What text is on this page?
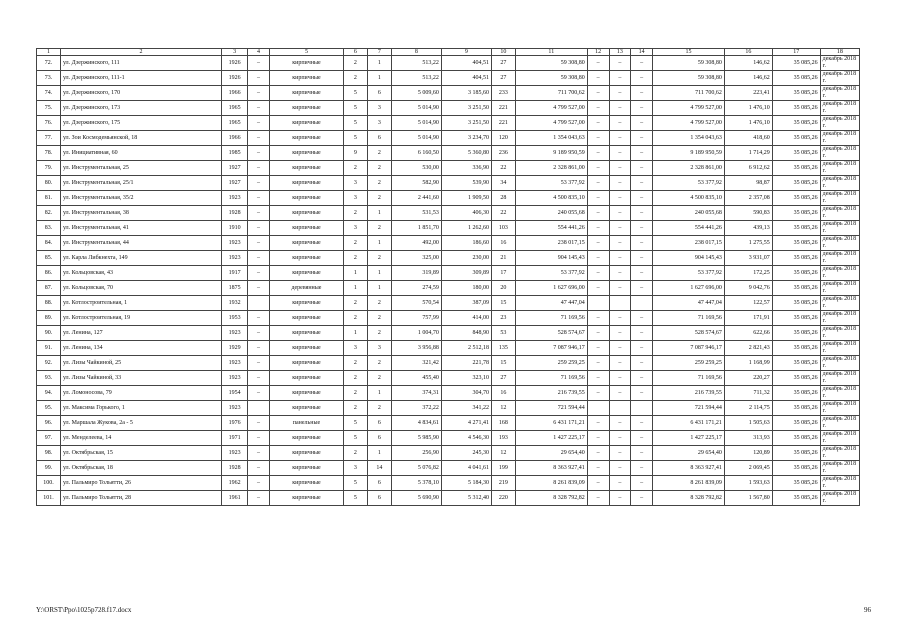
1	2	3	4	5	6	7	8	9	10	11	12	13	14	15	16	17	18
72.	ул. Дзержинского, 111	1926	–	кирпичные	2	1	513,22	404,51	27	59 308,80	–	–	–	59 308,80	146,62	35 085,26	декабрь 2018 г.
73.	ул. Дзержинского, 111-1	1926	–	кирпичные	2	1	513,22	404,51	27	59 308,80	–	–	–	59 308,80	146,62	35 085,26	декабрь 2018 г.
74.	ул. Дзержинского, 170	1966	–	кирпичные	5	6	5 009,60	3 185,60	233	711 700,62	–	–	–	711 700,62	223,41	35 085,26	декабрь 2018 г.
75.	ул. Дзержинского, 173	1965	–	кирпичные	5	3	5 014,90	3 251,50	221	4 799 527,00	–	–	–	4 799 527,00	1 476,10	35 085,26	декабрь 2018 г.
76.	ул. Дзержинского, 175	1965	–	кирпичные	5	3	5 014,90	3 251,50	221	4 799 527,00	–	–	–	4 799 527,00	1 476,10	35 085,26	декабрь 2018 г.
77.	ул. Зои Космодемьянской, 18	1966	–	кирпичные	5	6	5 014,90	3 234,70	120	1 354 043,63	–	–	–	1 354 043,63	418,60	35 085,26	декабрь 2018 г.
78.	ул. Инициативная, 60	1985	–	кирпичные	9	2	6 160,50	5 360,80	236	9 189 950,59	–	–	–	9 189 950,59	1 714,29	35 085,26	декабрь 2018 г.
79.	ул. Инструментальная, 25	1927	–	кирпичные	2	2	530,00	336,90	22	2 328 861,00	–	–	–	2 328 861,00	6 912,62	35 085,26	декабрь 2018 г.
80.	ул. Инструментальная, 25/1	1927	–	кирпичные	3	2	582,90	539,90	34	53 377,92	–	–	–	53 377,92	98,87	35 085,26	декабрь 2018 г.
81.	ул. Инструментальная, 35/2	1923	–	кирпичные	3	2	2 441,60	1 909,50	28	4 500 835,10	–	–	–	4 500 835,10	2 357,08	35 085,26	декабрь 2018 г.
82.	ул. Инструментальная, 38	1928	–	кирпичные	2	1	531,53	406,30	22	240 055,68	–	–	–	240 055,68	590,83	35 085,26	декабрь 2018 г.
83.	ул. Инструментальная, 41	1910	–	кирпичные	3	2	1 851,70	1 262,60	103	554 441,26	–	–	–	554 441,26	439,13	35 085,26	декабрь 2018 г.
84.	ул. Инструментальная, 44	1923	–	кирпичные	2	1	492,00	186,60	16	238 017,15	–	–	–	238 017,15	1 275,55	35 085,26	декабрь 2018 г.
85.	ул. Карла Либкнехта, 149	1923	–	кирпичные	2	2	325,00	230,00	21	904 145,43	–	–	–	904 145,43	3 931,07	35 085,26	декабрь 2018 г.
86.	ул. Кольцовская, 43	1917	–	кирпичные	1	1	319,89	309,89	17	53 377,92	–	–	–	53 377,92	172,25	35 085,26	декабрь 2018 г.
87.	ул. Кольцовская, 70	1875	–	деревянные	1	1	274,59	180,00	20	1 627 696,00	–	–	–	1 627 696,00	9 042,76	35 085,26	декабрь 2018 г.
88.	ул. Котлостроительная, 1	1932		кирпичные	2	2	570,54	387,09	15	47 447,04				47 447,04	122,57	35 085,26	декабрь 2018 г.
89.	ул. Котлостроительная, 19	1953	–	кирпичные	2	2	757,99	414,00	23	71 169,56	–	–	–	71 169,56	171,91	35 085,26	декабрь 2018 г.
90.	ул. Ленина, 127	1923	–	кирпичные	1	2	1 004,70	848,90	53	528 574,67	–	–	–	528 574,67	622,66	35 085,26	декабрь 2018 г.
91.	ул. Ленина, 134	1929	–	кирпичные	3	3	3 956,88	2 512,18	135	7 087 946,17	–	–	–	7 087 946,17	2 821,43	35 085,26	декабрь 2018 г.
92.	ул. Лизы Чайкиной, 25	1923	–	кирпичные	2	2	321,42	221,78	15	259 259,25	–	–	–	259 259,25	1 168,99	35 085,26	декабрь 2018 г.
93.	ул. Лизы Чайкиной, 33	1923	–	кирпичные	2	2	455,40	323,10	27	71 169,56	–	–	–	71 169,56	220,27	35 085,26	декабрь 2018 г.
94.	ул. Ломоносова, 79	1954	–	кирпичные	2	1	374,31	304,70	16	216 739,55	–	–	–	216 739,55	711,32	35 085,26	декабрь 2018 г.
95.	ул. Максима Горького, 1	1923		кирпичные	2	2	372,22	341,22	12	721 594,44				721 594,44	2 114,75	35 085,26	декабрь 2018 г.
96.	ул. Маршала Жукова, 2а - 5	1976	–	панельные	5	6	4 834,61	4 271,41	168	6 431 171,21	–	–	–	6 431 171,21	1 505,63	35 085,26	декабрь 2018 г.
97.	ул. Менделеева, 14	1971	–	кирпичные	5	6	5 985,90	4 546,30	193	1 427 225,17	–	–	–	1 427 225,17	313,93	35 085,26	декабрь 2018 г.
98.	ул. Октябрьская, 15	1923	–	кирпичные	2	1	256,90	245,30	12	29 654,40	–	–	–	29 654,40	120,89	35 085,26	декабрь 2018 г.
99.	ул. Октябрьская, 18	1928	–	кирпичные	3	14	5 076,82	4 041,61	199	8 363 927,41	–	–	–	8 363 927,41	2 069,45	35 085,26	декабрь 2018 г.
100.	ул. Пальмиро Тольятти, 26	1962	–	кирпичные	5	6	5 378,10	5 184,30	219	8 261 839,09	–	–	–	8 261 839,09	1 593,63	35 085,26	декабрь 2018 г.
101.	ул. Пальмиро Тольятти, 28	1961	–	кирпичные	5	6	5 690,90	5 312,40	220	8 328 792,82	–	–	–	8 328 792,82	1 567,80	35 085,26	декабрь 2018 г.
Y:\ORST\Ppo\1025p728.f17.docx	96
